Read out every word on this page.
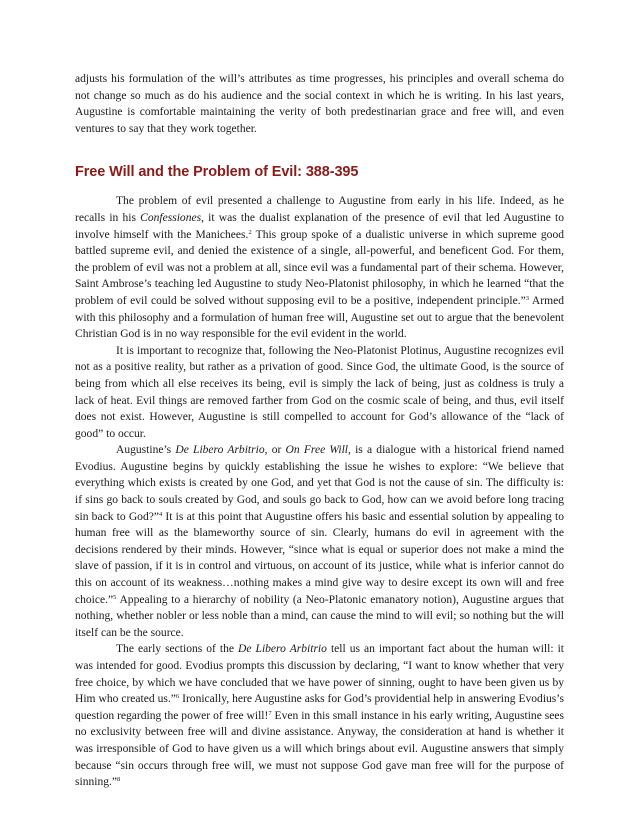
adjusts his formulation of the will’s attributes as time progresses, his principles and overall schema do not change so much as do his audience and the social context in which he is writing. In his last years, Augustine is comfortable maintaining the verity of both predestinarian grace and free will, and even ventures to say that they work together.

Free Will and the Problem of Evil: 388-395

The problem of evil presented a challenge to Augustine from early in his life. Indeed, as he recalls in his Confessiones, it was the dualist explanation of the presence of evil that led Augustine to involve himself with the Manichees.$^2$ This group spoke of a dualistic universe in which supreme good battled supreme evil, and denied the existence of a single, all-powerful, and beneficent God. For them, the problem of evil was not a problem at all, since evil was a fundamental part of their schema. However, Saint Ambrose’s teaching led Augustine to study Neo-Platonist philosophy, in which he learned “that the problem of evil could be solved without supposing evil to be a positive, independent principle.”$^3$ Armed with this philosophy and a formulation of human free will, Augustine set out to argue that the benevolent Christian God is in no way responsible for the evil evident in the world.

It is important to recognize that, following the Neo-Platonist Plotinus, Augustine recognizes evil not as a positive reality, but rather as a privation of good. Since God, the ultimate Good, is the source of being from which all else receives its being, evil is simply the lack of being, just as coldness is truly a lack of heat. Evil things are removed farther from God on the cosmic scale of being, and thus, evil itself does not exist. However, Augustine is still compelled to account for God’s allowance of the “lack of good” to occur.

Augustine’s De Libero Arbitrio, or On Free Will, is a dialogue with a historical friend named Evodius. Augustine begins by quickly establishing the issue he wishes to explore: “We believe that everything which exists is created by one God, and yet that God is not the cause of sin. The difficulty is: if sins go back to souls created by God, and souls go back to God, how can we avoid before long tracing sin back to God?”$^4$ It is at this point that Augustine offers his basic and essential solution by appealing to human free will as the blameworthy source of sin. Clearly, humans do evil in agreement with the decisions rendered by their minds. However, “since what is equal or superior does not make a mind the slave of passion, if it is in control and virtuous, on account of its justice, while what is inferior cannot do this on account of its weakness…nothing makes a mind give way to desire except its own will and free choice.”$^5$ Appealing to a hierarchy of nobility (a Neo-Platonic emanatory notion), Augustine argues that nothing, whether nobler or less noble than a mind, can cause the mind to will evil; so nothing but the will itself can be the source.

The early sections of the De Libero Arbitrio tell us an important fact about the human will: it was intended for good. Evodius prompts this discussion by declaring, “I want to know whether that very free choice, by which we have concluded that we have power of sinning, ought to have been given us by Him who created us.”$^6$ Ironically, here Augustine asks for God’s providential help in answering Evodius’s question regarding the power of free will!$^7$ Even in this small instance in his early writing, Augustine sees no exclusivity between free will and divine assistance. Anyway, the consideration at hand is whether it was irresponsible of God to have given us a will which brings about evil. Augustine answers that simply because “sin occurs through free will, we must not suppose God gave man free will for the purpose of sinning.”$^8$
